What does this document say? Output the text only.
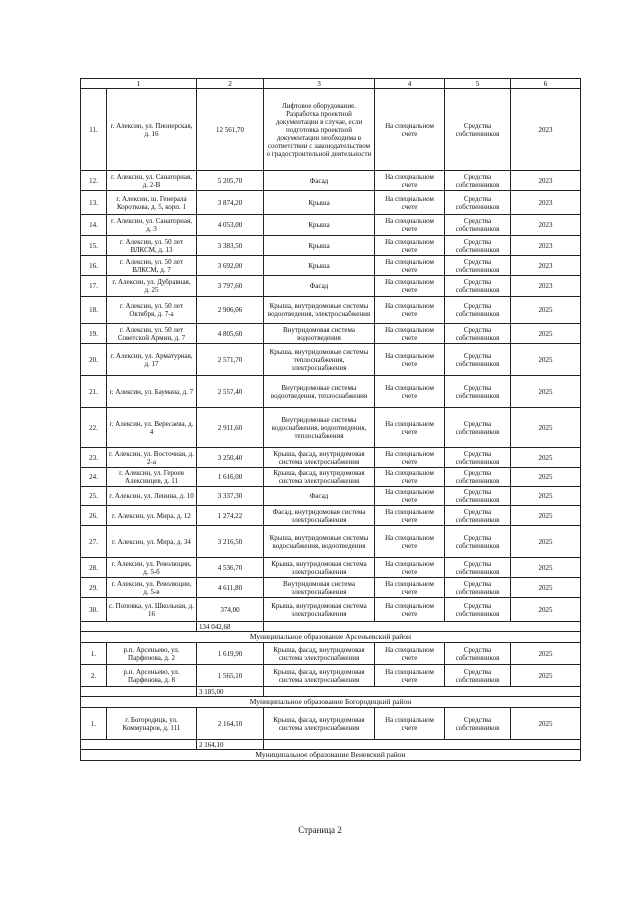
1		2	3	4	5	6
11.	г. Алексин, ул. Пионерская, д. 16	12 561,70	Лифтовое оборудование. Разработка проектной документации в случае, если подготовка проектной документации необходима в соответствии с законодательством о градостроительной деятельности	На специальном счете	Средства собственников	2023
12.	г. Алексин, ул. Санаторная, д. 2-В	5 205,70	Фасад	На специальном счете	Средства собственников	2023
13.	г. Алексин, ш. Генерала Короткова, д. 5, корп. 1	3 874,20	Крыша	На специальном счете	Средства собственников	2023
14.	г. Алексин, ул. Санаторная, д. 3	4 053,00	Крыша	На специальном счете	Средства собственников	2023
15.	г. Алексин, ул. 50 лет ВЛКСМ, д. 13	3 383,50	Крыша	На специальном счете	Средства собственников	2023
16.	г. Алексин, ул. 50 лет ВЛКСМ, д. 7	3 692,00	Крыша	На специальном счете	Средства собственников	2023
17.	г. Алексин, ул. Дубравная, д. 25	3 797,60	Фасад	На специальном счете	Средства собственников	2023
18.	г. Алексин, ул. 50 лет Октября, д. 7-а	2 906,06	Крыша, внутридомовые системы водоотведения, электроснабжения	На специальном счете	Средства собственников	2025
19.	г. Алексин, ул. 50 лет Советской Армии, д. 7	4 805,60	Внутридомовая система водоотведения	На специальном счете	Средства собственников	2025
20.	г. Алексин, ул. Арматурная, д. 17	2 571,70	Крыша, внутридомовые системы теплоснабжения, электроснабжения	На специальном счете	Средства собственников	2025
21.	г. Алексин, ул. Баумана, д. 7	2 557,40	Внутридомовые системы водоотведения, теплоснабжения	На специальном счете	Средства собственников	2025
22.	г. Алексин, ул. Вересаева, д. 4	2 911,60	Внутридомовые системы водоснабжения, водоотведения, теплоснабжения	На специальном счете	Средства собственников	2025
23.	г. Алексин, ул. Восточная, д. 2-а	3 250,40	Крыша, фасад, внутридомовая система электроснабжения	На специальном счете	Средства собственников	2025
24.	г. Алексин, ул. Героев Алексинцев, д. 11	1 616,00	Крыша, фасад, внутридомовая система электроснабжения	На специальном счете	Средства собственников	2025
25.	г. Алексин, ул. Ленина, д. 10	3 337,30	Фасад	На специальном счете	Средства собственников	2025
26.	г. Алексин, ул. Мира, д. 12	1 274,22	Фасад, внутридомовая система электроснабжения	На специальном счете	Средства собственников	2025
27.	г. Алексин, ул. Мира, д. 34	3 216,50	Крыша, внутридомовые системы водоснабжения, водоотведения	На специальном счете	Средства собственников	2025
28.	г. Алексин, ул. Революции, д. 5-б	4 536,70	Крыша, внутридомовая система электроснабжения	На специальном счете	Средства собственников	2025
29.	г. Алексин, ул. Революции, д. 5-в	4 611,80	Внутридомовая система электроснабжения	На специальном счете	Средства собственников	2025
30.	с. Поповка, ул. Школьная, д. 16	374,00	Крыша, внутридомовая система электроснабжения	На специальном счете	Средства собственников	2025
		134 042,68				
Муниципальное образование Арсеньевский район						
1.	р.п. Арсеньево, ул. Парфенова, д. 2	1 619,90	Крыша, фасад, внутридомовая система электроснабжения	На специальном счете	Средства собственников	2025
2.	р.п. Арсеньево, ул. Парфенова, д. 8	1 565,10	Крыша, фасад, внутридомовая система электроснабжения	На специальном счете	Средства собственников	2025
		3 185,00				
Муниципальное образование Богородицкий район						
1.	г. Богородицк, ул. Коммунаров, д. 111	2 164,10	Крыша, фасад, внутридомовая система электроснабжения	На специальном счете	Средства собственников	2025
		2 164,10				
Муниципальное образование Веневский район						
Страница 2
